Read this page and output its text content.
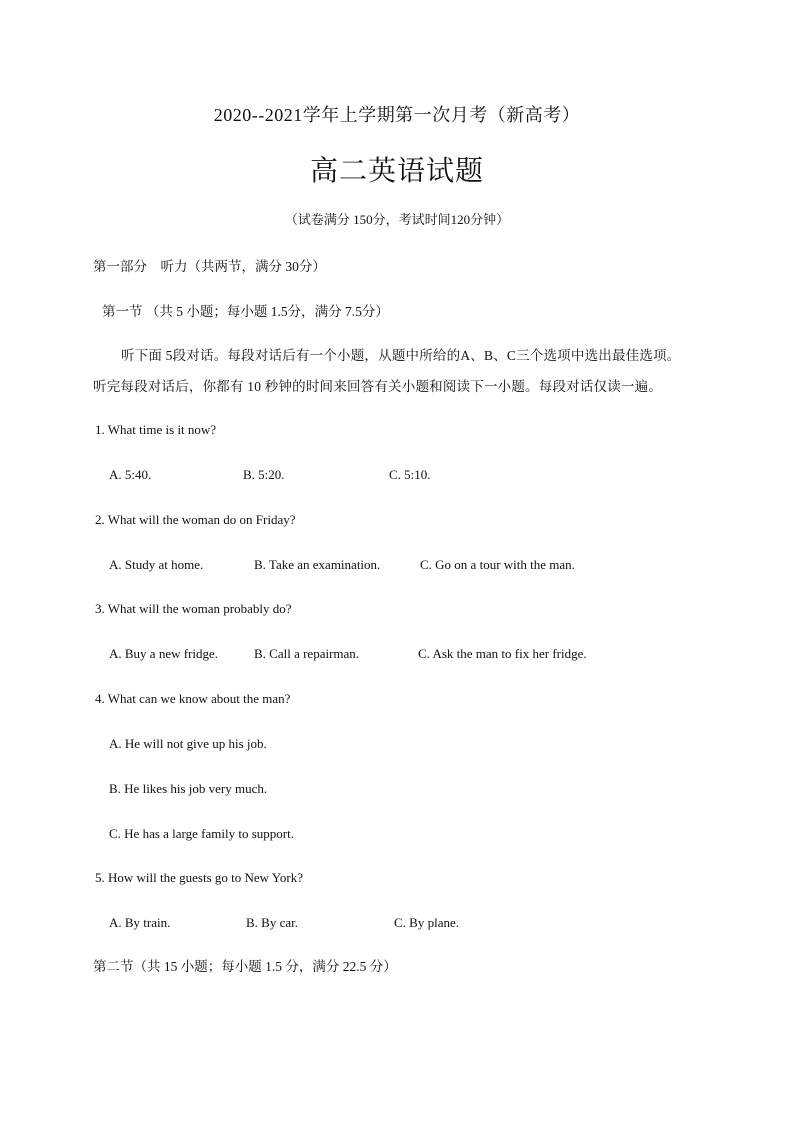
2020--2021学年上学期第一次月考（新高考）
高二英语试题
（试卷满分 150分，考试时间120分钟）
第一部分　听力（共两节，满分 30分）
第一节 （共 5 小题；每小题 1.5分，满分 7.5分）
听下面 5段对话。每段对话后有一个小题，从题中所给的A、B、C三个选项中选出最佳选项。
听完每段对话后，你都有 10 秒钟的时间来回答有关小题和阅读下一小题。每段对话仅读一遍。
1. What time is it now?
A. 5:40.	B. 5:20.	C. 5:10.
2. What will the woman do on Friday?
A. Study at home.	B. Take an examination.	C. Go on a tour with the man.
3. What will the woman probably do?
A. Buy a new fridge.	B. Call a repairman.	C. Ask the man to fix her fridge.
4. What can we know about the man?
A. He will not give up his job.
B. He likes his job very much.
C. He has a large family to support.
5. How will the guests go to New York?
A. By train.	B. By car.	C. By plane.
第二节（共 15 小题；每小题 1.5 分，满分 22.5 分）
